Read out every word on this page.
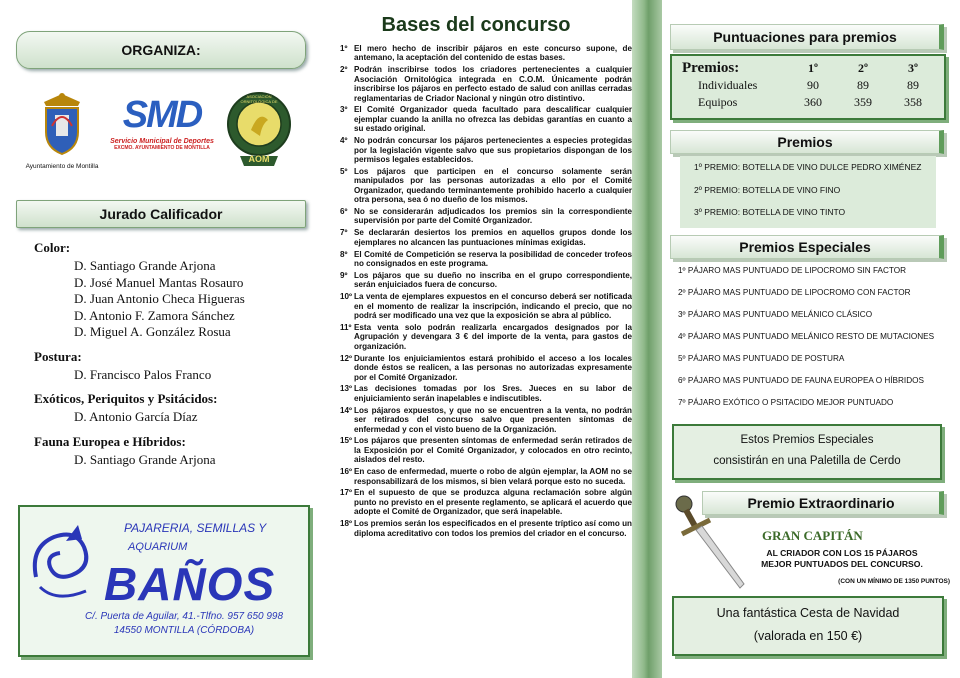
ORGANIZA:
Ayuntamiento de Montilla
SMD
Servicio Municipal de Deportes
EXCMO. AYUNTAMIENTO DE MONTILLA
AOM
ASOCIACIÓN ORNITOLÓGICA DE MONTILLA
Jurado Calificador
Color:
D. Santiago Grande Arjona
D. José Manuel Mantas Rosauro
D. Juan Antonio Checa Higueras
D. Antonio F. Zamora Sánchez
D. Miguel A. González Rosua
Postura:
D. Francisco Palos Franco
Exóticos, Periquitos y Psitácidos:
D. Antonio García Díaz
Fauna Europea e Híbridos:
D. Santiago Grande Arjona
PAJARERIA, SEMILLAS Y
AQUARIUM
BAÑOS
C/. Puerta de Aguilar, 41.-Tlfno. 957 650 998
14550 MONTILLA (CÓRDOBA)
Bases del concurso
1º El mero hecho de inscribir pájaros en este concurso supone, de antemano, la aceptación del contenido de estas bases.
2º Podrán inscribirse todos los criadores pertenecientes a cualquier Asociación Ornitológica integrada en C.O.M. Únicamente podrán inscribirse los pájaros en perfecto estado de salud con anillas cerradas reglamentarias de Criador Nacional y ningún otro distintivo.
3º El Comité Organizador queda facultado para descalificar cualquier ejemplar cuando la anilla no ofrezca las debidas garantías en cuanto a su estado original.
4º No podrán concursar los pájaros pertenecientes a especies protegidas por la legislación vigente salvo que sus propietarios dispongan de los permisos legales establecidos.
5º Los pájaros que participen en el concurso solamente serán manipulados por las personas autorizadas a ello por el Comité Organizador, quedando terminantemente prohibido hacerlo a cualquier otra persona, sea ó no dueño de los mismos.
6º No se considerarán adjudicados los premios sin la correspondiente supervisión por parte del Comité Organizador.
7º Se declararán desiertos los premios en aquellos grupos donde los ejemplares no alcancen las puntuaciones mínimas exigidas.
8º El Comité de Competición se reserva la posibilidad de conceder trofeos no consignados en este programa.
9º Los pájaros que su dueño no inscriba en el grupo correspondiente, serán enjuiciados fuera de concurso.
10º La venta de ejemplares expuestos en el concurso deberá ser notificada en el momento de realizar la inscripción, indicando el precio, que no podrá ser modificado una vez que la exposición se abra al público.
11º Esta venta solo podrán realizarla encargados designados por la Agrupación y devengara 3 € del importe de la venta, para gastos de organización.
12º Durante los enjuiciamientos estará prohibido el acceso a los locales donde éstos se realicen, a las personas no autorizadas expresamente por el Comité Organizador.
13º Las decisiones tomadas por los Sres. Jueces en su labor de enjuiciamiento serán inapelables e indiscutibles.
14º Los pájaros expuestos, y que no se encuentren a la venta, no podrán ser retirados del concurso salvo que presenten síntomas de enfermedad y con el visto bueno de la Organización.
15º Los pájaros que presenten síntomas de enfermedad serán retirados de la Exposición por el Comité Organizador, y colocados en otro recinto, aislados del resto.
16º En caso de enfermedad, muerte o robo de algún ejemplar, la AOM no se responsabilizará de los mismos, si bien velará porque esto no suceda.
17º En el supuesto de que se produzca alguna reclamación sobre algún punto no previsto en el presente reglamento, se aplicará el acuerdo que adopte el Comité de Organizador, que será inapelable.
18º Los premios serán los especificados en el presente tríptico así como un diploma acreditativo con todos los premios del criador en el concurso.
Puntuaciones para premios
Premios:	1º	2º	3º
Individuales	90	89	89
Equipos	360	359	358
Premios
1º PREMIO: BOTELLA DE VINO DULCE PEDRO XIMÉNEZ
2º PREMIO: BOTELLA DE VINO FINO
3º PREMIO: BOTELLA DE VINO TINTO
Premios Especiales
1º PÁJARO MAS PUNTUADO DE LIPOCROMO SIN FACTOR
2º PÁJARO MAS PUNTUADO DE LIPOCROMO CON FACTOR
3º PÁJARO MAS PUNTUADO MELÁNICO CLÁSICO
4º PÁJARO MAS PUNTUADO MELÁNICO RESTO DE MUTACIONES
5º PÁJARO MAS PUNTUADO DE POSTURA
6º PÁJARO MAS PUNTUADO DE FAUNA EUROPEA O HÍBRIDOS
7º PÁJARO EXÓTICO O PSITACIDO MEJOR PUNTUADO
Estos Premios Especiales
consistirán en una Paletilla de Cerdo
Premio Extraordinario
GRAN CAPITÁN
AL CRIADOR CON LOS 15 PÁJAROS
MEJOR PUNTUADOS DEL CONCURSO.
(CON UN MÍNIMO DE 1350 PUNTOS)
Una fantástica Cesta de Navidad
(valorada en 150 €)
